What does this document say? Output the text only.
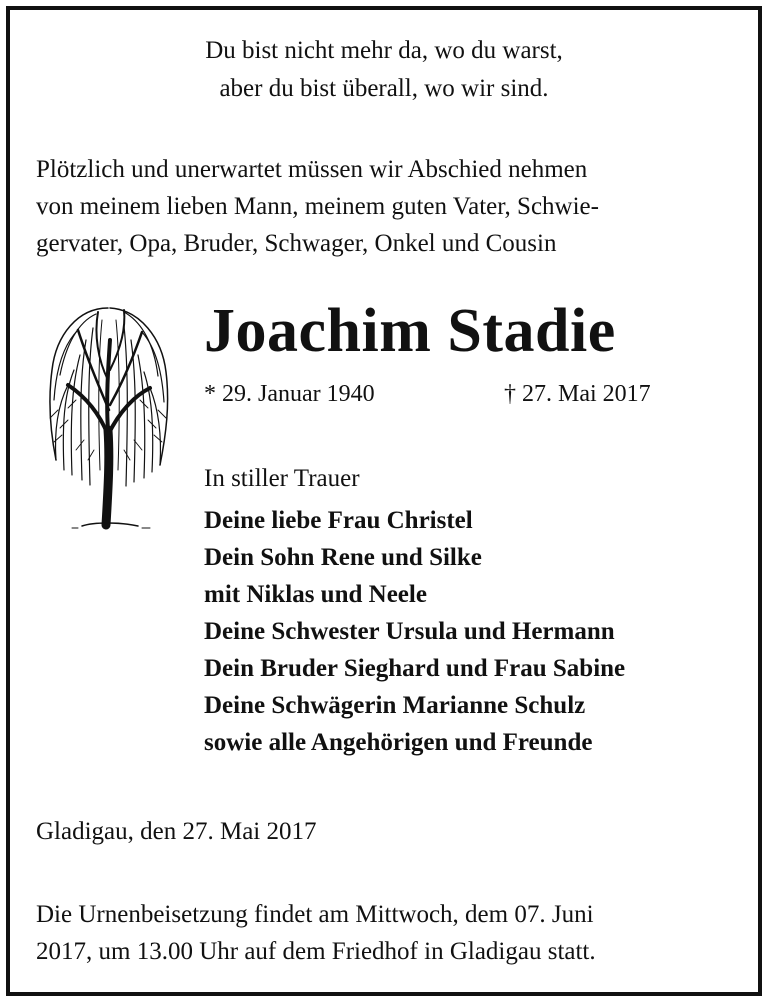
Du bist nicht mehr da, wo du warst,
aber du bist überall, wo wir sind.
Plötzlich und unerwartet müssen wir Abschied nehmen
von meinem lieben Mann, meinem guten Vater, Schwie-
gervater, Opa, Bruder, Schwager, Onkel und Cousin
Joachim Stadie
* 29. Januar 1940	† 27. Mai 2017
In stiller Trauer
Deine liebe Frau Christel
Dein Sohn Rene und Silke
mit Niklas und Neele
Deine Schwester Ursula und Hermann
Dein Bruder Sieghard und Frau Sabine
Deine Schwägerin Marianne Schulz
sowie alle Angehörigen und Freunde
Gladigau, den 27. Mai 2017
Die Urnenbeisetzung findet am Mittwoch, dem 07. Juni
2017, um 13.00 Uhr auf dem Friedhof in Gladigau statt.
